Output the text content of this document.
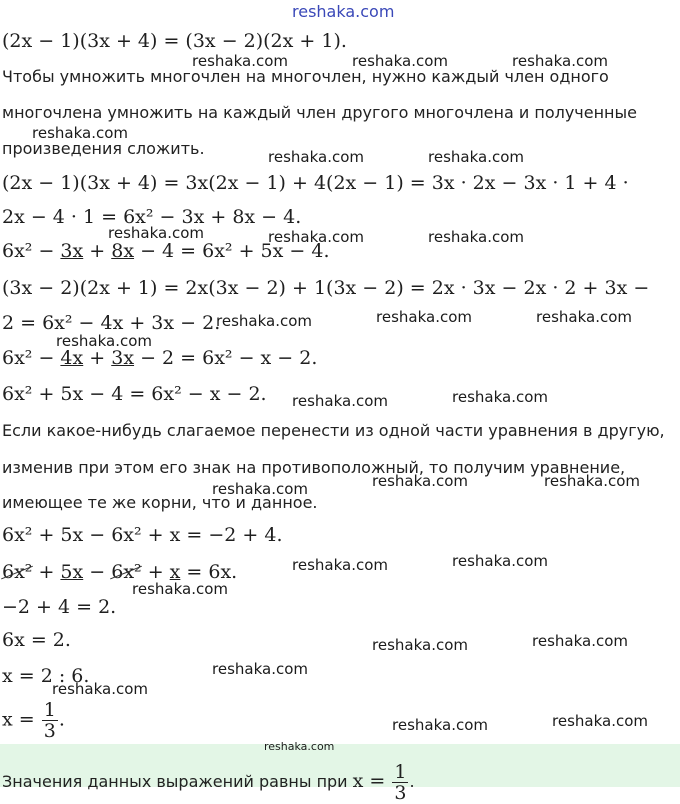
reshaka.com
reshaka.com	reshaka.com	reshaka.com
reshaka.com
reshaka.com	reshaka.com
reshaka.com	reshaka.com	reshaka.com
reshaka.com	reshaka.com	reshaka.com
reshaka.com
reshaka.com	reshaka.com
reshaka.com	reshaka.com
reshaka.com
reshaka.com	reshaka.com
reshaka.com
reshaka.com	reshaka.com
reshaka.com
reshaka.com
reshaka.com	reshaka.com
(2x − 1)(3x + 4) = (3x − 2)(2x + 1).
Чтобы умножить многочлен на многочлен, нужно каждый член одного
многочлена умножить на каждый член другого многочлена и полученные
произведения сложить.
(2x − 1)(3x + 4) = 3x(2x − 1) + 4(2x − 1) = 3x · 2x − 3x · 1 + 4 ·
2x − 4 · 1 = 6x² − 3x + 8x − 4.
6x² − 3x + 8x − 4 = 6x² + 5x − 4.
(3x − 2)(2x + 1) = 2x(3x − 2) + 1(3x − 2) = 2x · 3x − 2x · 2 + 3x −
2 = 6x² − 4x + 3x − 2.
6x² − 4x + 3x − 2 = 6x² − x − 2.
6x² + 5x − 4 = 6x² − x − 2.
Если какое-нибудь слагаемое перенести из одной части уравнения в другую,
изменив при этом его знак на противоположный, то получим уравнение,
имеющее те же корни, что и данное.
6x² + 5x − 6x² + x = −2 + 4.
6x² + 5x − 6x² + x = 6x.
−2 + 4 = 2.
6x = 2.
x = 2 : 6.
$x = \frac{1}{3}$ .
reshaka.com
Значения данных выражений равны при $x = \frac{1}{3}$ .
